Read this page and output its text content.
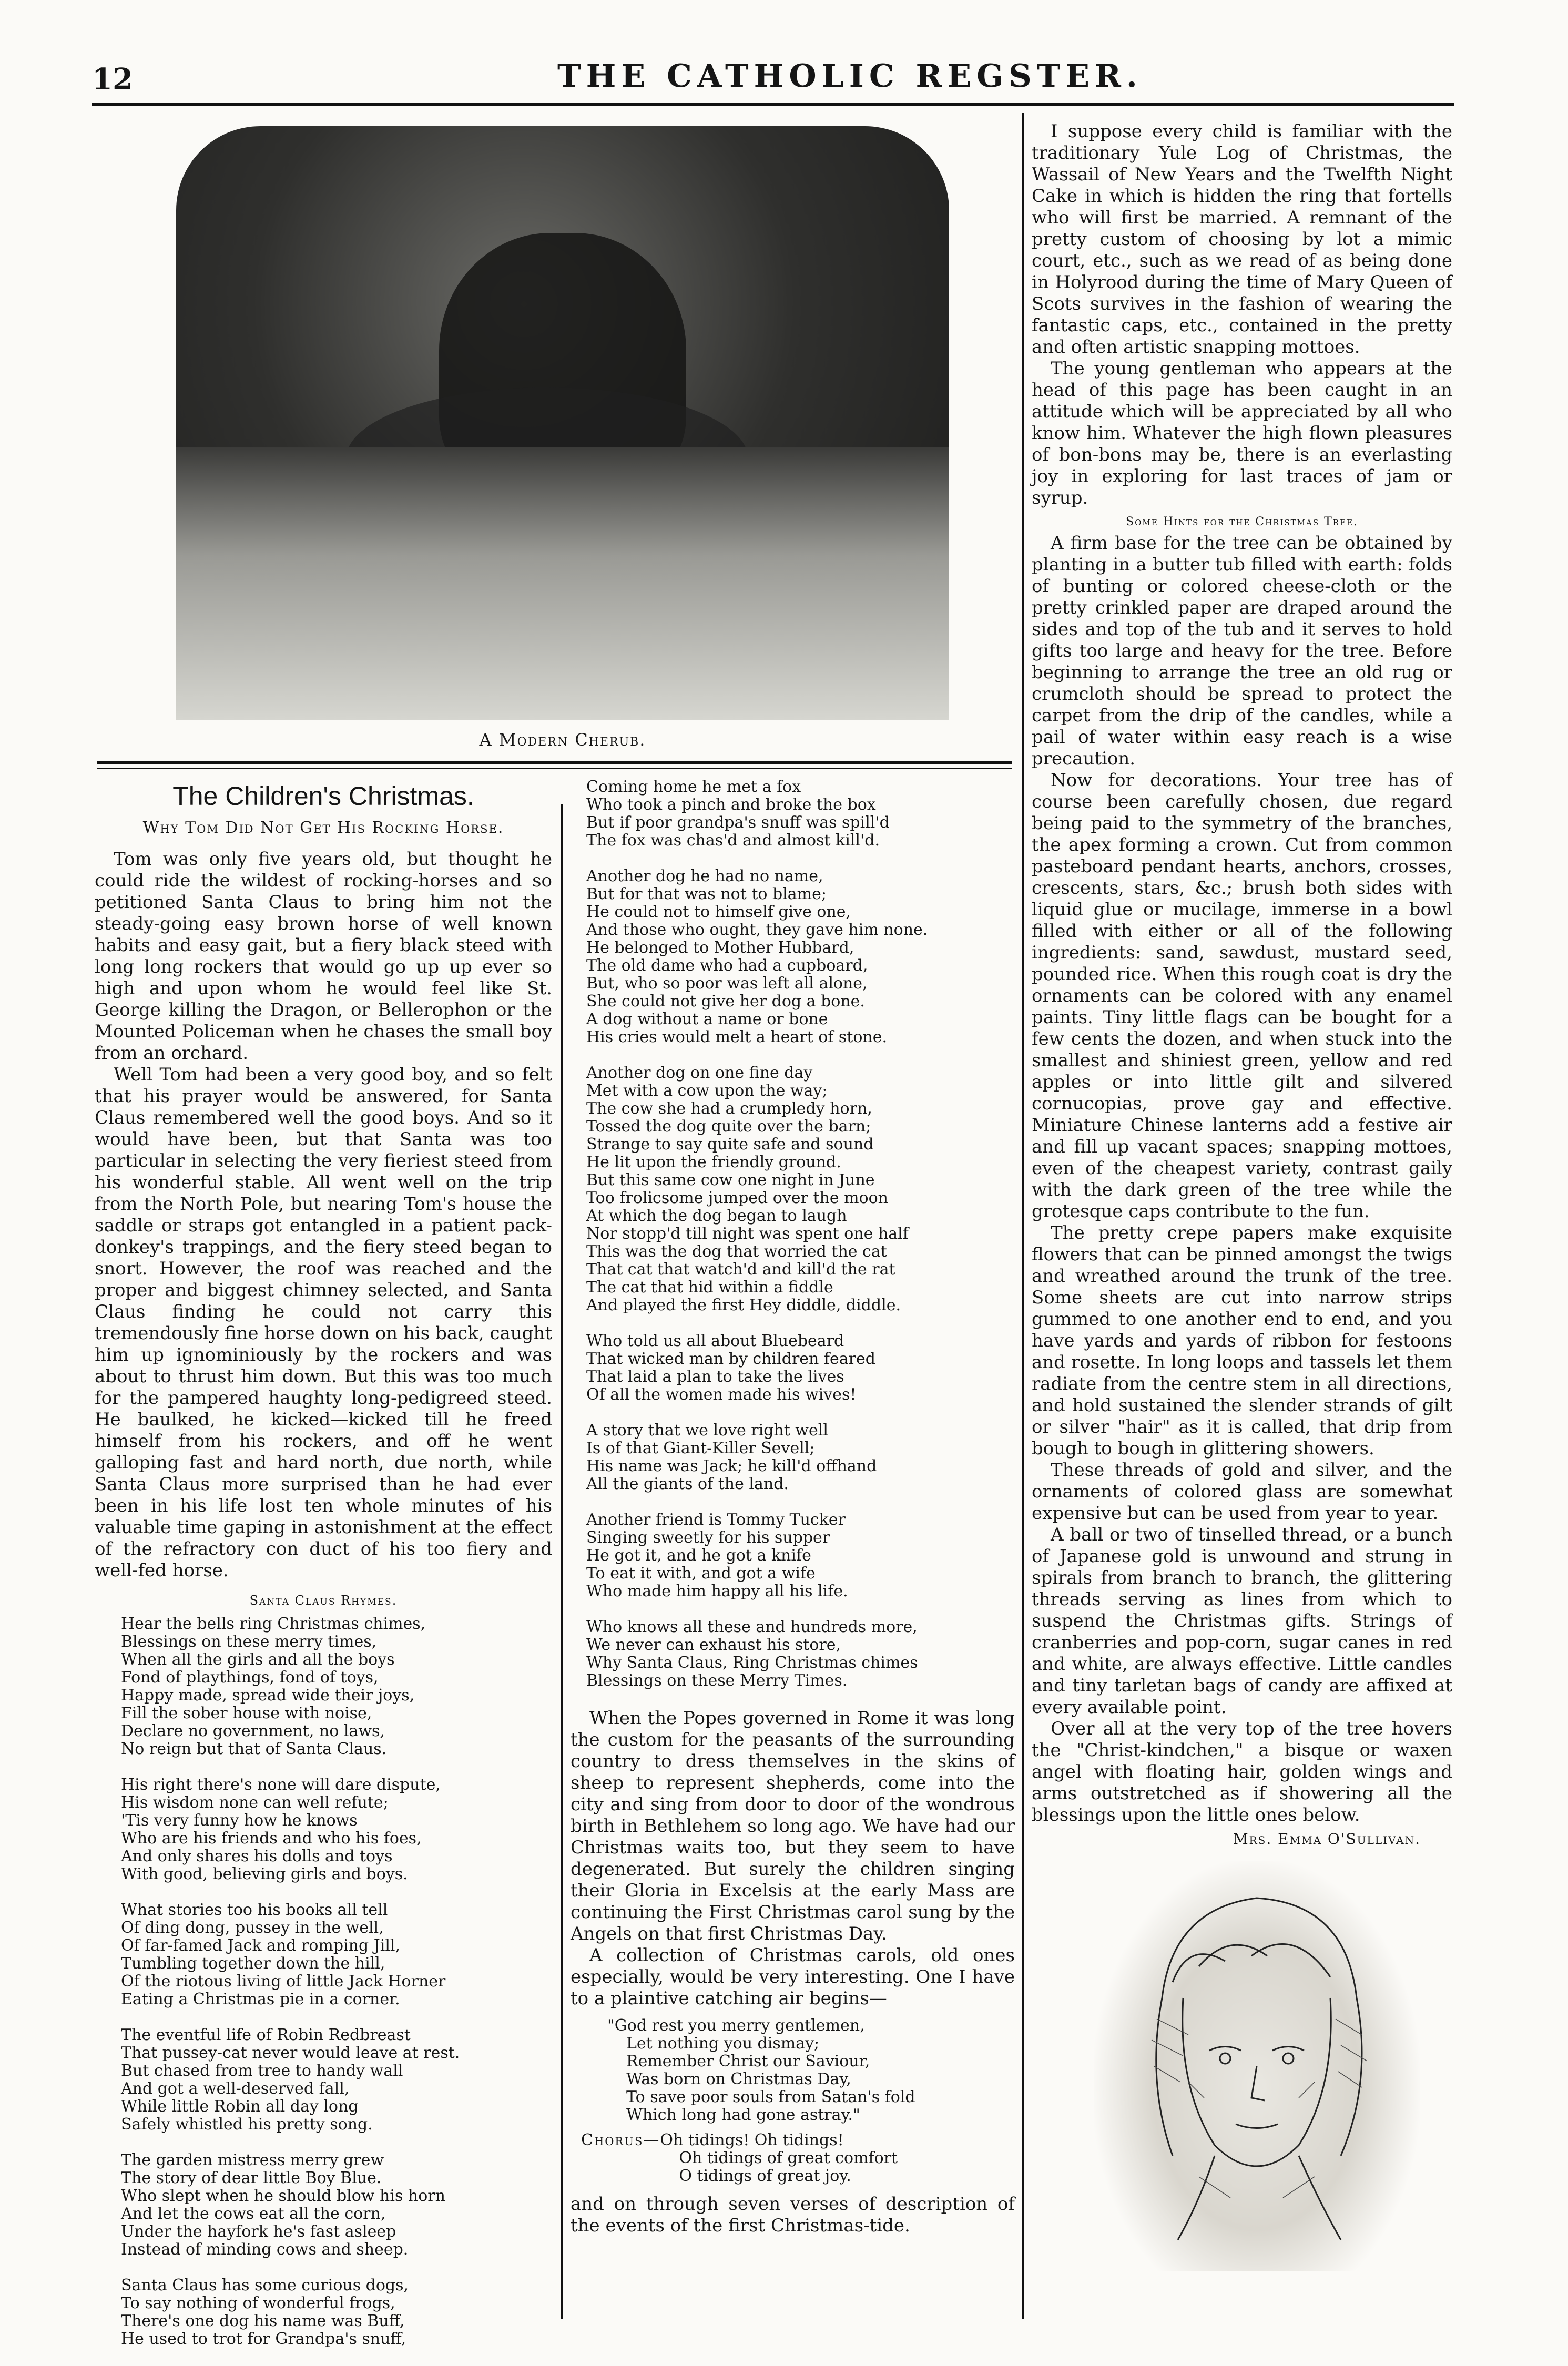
12	THE CATHOLIC REGSTER.
A Modern Cherub.
The Children's Christmas.
Why Tom Did Not Get His Rocking Horse.

Tom was only five years old, but thought he could ride the wildest of rocking-horses and so petitioned Santa Claus to bring him not the steady-going easy brown horse of well known habits and easy gait, but a fiery black steed with long long rockers that would go up up ever so high and upon whom he would feel like St. George killing the Dragon, or Bellerophon or the Mounted Policeman when he chases the small boy from an orchard.

Well Tom had been a very good boy, and so felt that his prayer would be answered, for Santa Claus remembered well the good boys. And so it would have been, but that Santa was too particular in selecting the very fieriest steed from his wonderful stable. All went well on the trip from the North Pole, but nearing Tom's house the saddle or straps got entangled in a patient pack-donkey's trappings, and the fiery steed began to snort. However, the roof was reached and the proper and biggest chimney selected, and Santa Claus finding he could not carry this tremendously fine horse down on his back, caught him up ignominiously by the rockers and was about to thrust him down. But this was too much for the pampered haughty long-pedigreed steed. He baulked, he kicked—kicked till he freed himself from his rockers, and off he went galloping fast and hard north, due north, while Santa Claus more surprised than he had ever been in his life lost ten whole minutes of his valuable time gaping in astonishment at the effect of the refractory con duct of his too fiery and well-fed horse.

Santa Claus Rhymes.
Hear the bells ring Christmas chimes,
Blessings on these merry times,
When all the girls and all the boys
Fond of playthings, fond of toys,
Happy made, spread wide their joys,
Fill the sober house with noise,
Declare no government, no laws,
No reign but that of Santa Claus.
His right there's none will dare dispute,
His wisdom none can well refute;
'Tis very funny how he knows
Who are his friends and who his foes,
And only shares his dolls and toys
With good, believing girls and boys.
What stories too his books all tell
Of ding dong, pussey in the well,
Of far-famed Jack and romping Jill,
Tumbling together down the hill,
Of the riotous living of little Jack Horner
Eating a Christmas pie in a corner.
The eventful life of Robin Redbreast
That pussey-cat never would leave at rest.
But chased from tree to handy wall
And got a well-deserved fall,
While little Robin all day long
Safely whistled his pretty song.
The garden mistress merry grew
The story of dear little Boy Blue.
Who slept when he should blow his horn
And let the cows eat all the corn,
Under the hayfork he's fast asleep
Instead of minding cows and sheep.
Santa Claus has some curious dogs,
To say nothing of wonderful frogs,
There's one dog his name was Buff,
He used to trot for Grandpa's snuff,
Coming home he met a fox
Who took a pinch and broke the box
But if poor grandpa's snuff was spill'd
The fox was chas'd and almost kill'd.
Another dog he had no name,
But for that was not to blame;
He could not to himself give one,
And those who ought, they gave him none.
He belonged to Mother Hubbard,
The old dame who had a cupboard,
But, who so poor was left all alone,
She could not give her dog a bone.
A dog without a name or bone
His cries would melt a heart of stone.
Another dog on one fine day
Met with a cow upon the way;
The cow she had a crumpledy horn,
Tossed the dog quite over the barn;
Strange to say quite safe and sound
He lit upon the friendly ground.
But this same cow one night in June
Too frolicsome jumped over the moon
At which the dog began to laugh
Nor stopp'd till night was spent one half
This was the dog that worried the cat
That cat that watch'd and kill'd the rat
The cat that hid within a fiddle
And played the first Hey diddle, diddle.
Who told us all about Bluebeard
That wicked man by children feared
That laid a plan to take the lives
Of all the women made his wives!
A story that we love right well
Is of that Giant-Killer Sevell;
His name was Jack; he kill'd offhand
All the giants of the land.
Another friend is Tommy Tucker
Singing sweetly for his supper
He got it, and he got a knife
To eat it with, and got a wife
Who made him happy all his life.
Who knows all these and hundreds more,
We never can exhaust his store,
Why Santa Claus, Ring Christmas chimes
Blessings on these Merry Times.

When the Popes governed in Rome it was long the custom for the peasants of the surrounding country to dress themselves in the skins of sheep to represent shepherds, come into the city and sing from door to door of the wondrous birth in Bethlehem so long ago. We have had our Christmas waits too, but they seem to have degenerated. But surely the children singing their Gloria in Excelsis at the early Mass are continuing the First Christmas carol sung by the Angels on that first Christmas Day.

A collection of Christmas carols, old ones especially, would be very interesting. One I have to a plaintive catching air begins—

"God rest you merry gentlemen,
Let nothing you dismay;
Remember Christ our Saviour,
Was born on Christmas Day,
To save poor souls from Satan's fold
Which long had gone astray."
Chorus— Oh tidings! Oh tidings!
Oh tidings of great comfort
O tidings of great joy.

and on through seven verses of description of the events of the first Christmas-tide.

I suppose every child is familiar with the traditionary Yule Log of Christmas, the Wassail of New Years and the Twelfth Night Cake in which is hidden the ring that fortells who will first be married. A remnant of the pretty custom of choosing by lot a mimic court, etc., such as we read of as being done in Holyrood during the time of Mary Queen of Scots survives in the fashion of wearing the fantastic caps, etc., contained in the pretty and often artistic snapping mottoes.

The young gentleman who appears at the head of this page has been caught in an attitude which will be appreciated by all who know him. Whatever the high flown pleasures of bon-bons may be, there is an everlasting joy in exploring for last traces of jam or syrup.

Some Hints for the Christmas Tree.

A firm base for the tree can be obtained by planting in a butter tub filled with earth: folds of bunting or colored cheese-cloth or the pretty crinkled paper are draped around the sides and top of the tub and it serves to hold gifts too large and heavy for the tree. Before beginning to arrange the tree an old rug or crumcloth should be spread to protect the carpet from the drip of the candles, while a pail of water within easy reach is a wise precaution.

Now for decorations. Your tree has of course been carefully chosen, due regard being paid to the symmetry of the branches, the apex forming a crown. Cut from common pasteboard pendant hearts, anchors, crosses, crescents, stars, &c.; brush both sides with liquid glue or mucilage, immerse in a bowl filled with either or all of the following ingredients: sand, sawdust, mustard seed, pounded rice. When this rough coat is dry the ornaments can be colored with any enamel paints. Tiny little flags can be bought for a few cents the dozen, and when stuck into the smallest and shiniest green, yellow and red apples or into little gilt and silvered cornucopias, prove gay and effective. Miniature Chinese lanterns add a festive air and fill up vacant spaces; snapping mottoes, even of the cheapest variety, contrast gaily with the dark green of the tree while the grotesque caps contribute to the fun.

The pretty crepe papers make exquisite flowers that can be pinned amongst the twigs and wreathed around the trunk of the tree. Some sheets are cut into narrow strips gummed to one another end to end, and you have yards and yards of ribbon for festoons and rosette. In long loops and tassels let them radiate from the centre stem in all directions, and hold sustained the slender strands of gilt or silver "hair" as it is called, that drip from bough to bough in glittering showers.

These threads of gold and silver, and the ornaments of colored glass are somewhat expensive but can be used from year to year.

A ball or two of tinselled thread, or a bunch of Japanese gold is unwound and strung in spirals from branch to branch, the glittering threads serving as lines from which to suspend the Christmas gifts. Strings of cranberries and pop-corn, sugar canes in red and white, are always effective. Little candles and tiny tarletan bags of candy are affixed at every available point.

Over all at the very top of the tree hovers the "Christ-kindchen," a bisque or waxen angel with floating hair, golden wings and arms outstretched as if showering all the blessings upon the little ones below.

Mrs. Emma O'Sullivan.
